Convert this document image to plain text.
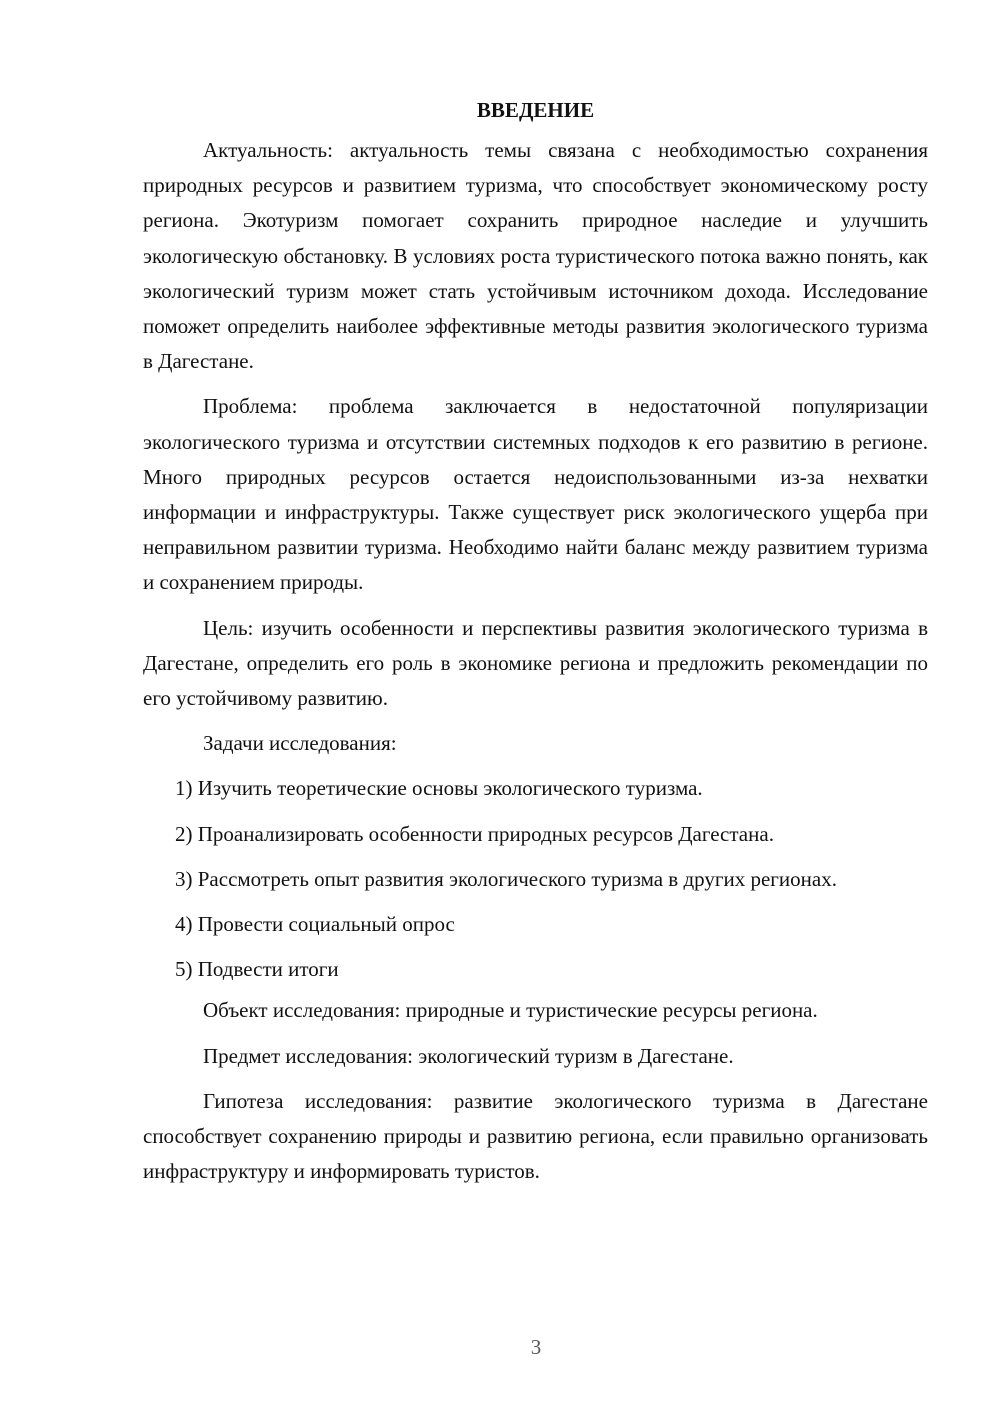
ВВЕДЕНИЕ

Актуальность: актуальность темы связана с необходимостью сохранения природных ресурсов и развитием туризма, что способствует экономическому росту региона. Экотуризм помогает сохранить природное наследие и улучшить экологическую обстановку. В условиях роста туристического потока важно понять, как экологический туризм может стать устойчивым источником дохода. Исследование поможет определить наиболее эффективные методы развития экологического туризма в Дагестане.

Проблема: проблема заключается в недостаточной популяризации экологического туризма и отсутствии системных подходов к его развитию в регионе. Много природных ресурсов остается недоиспользованными из-за нехватки информации и инфраструктуры. Также существует риск экологического ущерба при неправильном развитии туризма. Необходимо найти баланс между развитием туризма и сохранением природы.

Цель: изучить особенности и перспективы развития экологического туризма в Дагестане, определить его роль в экономике региона и предложить рекомендации по его устойчивому развитию.

Задачи исследования:

1) Изучить теоретические основы экологического туризма.

2) Проанализировать особенности природных ресурсов Дагестана.

3) Рассмотреть опыт развития экологического туризма в других регионах.

4) Провести социальный опрос

5) Подвести итоги

Объект исследования: природные и туристические ресурсы региона.

Предмет исследования: экологический туризм в Дагестане.

Гипотеза исследования: развитие экологического туризма в Дагестане способствует сохранению природы и развитию региона, если правильно организовать инфраструктуру и информировать туристов.

3
